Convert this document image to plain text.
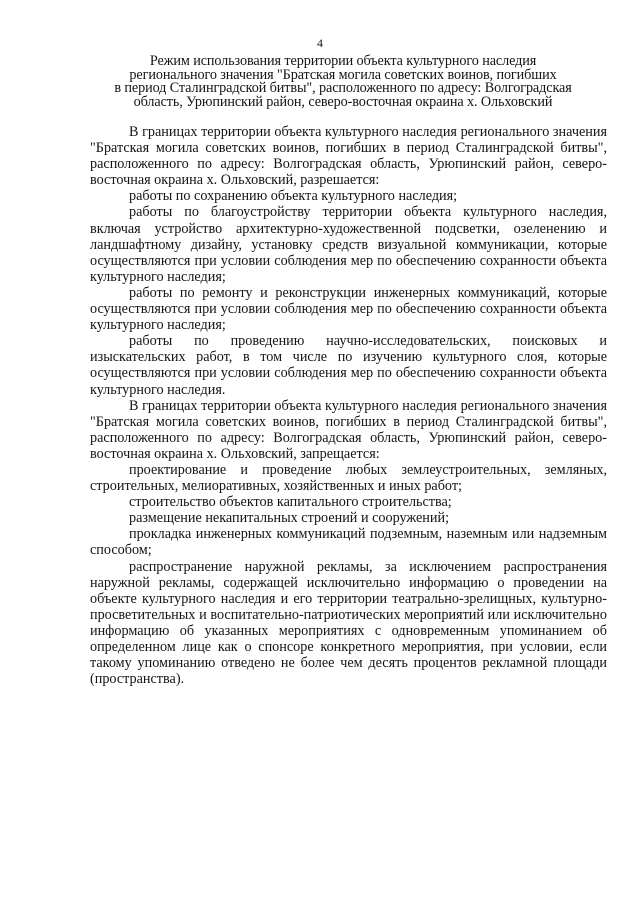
4
Режим использования территории объекта культурного наследия
регионального значения "Братская могила советских воинов, погибших
в период Сталинградской битвы", расположенного по адресу: Волгоградская
область, Урюпинский район, северо-восточная окраина х. Ольховский

В границах территории объекта культурного наследия регионального значения "Братская могила советских воинов, погибших в период Сталинградской битвы", расположенного по адресу: Волгоградская область, Урюпинский район, северо-восточная окраина х. Ольховский, разрешается:

работы по сохранению объекта культурного наследия;

работы по благоустройству территории объекта культурного наследия, включая устройство архитектурно-художественной подсветки, озеленению и ландшафтному дизайну, установку средств визуальной коммуникации, которые осуществляются при условии соблюдения мер по обеспечению сохранности объекта культурного наследия;

работы по ремонту и реконструкции инженерных коммуникаций, которые осуществляются при условии соблюдения мер по обеспечению сохранности объекта культурного наследия;

работы по проведению научно-исследовательских, поисковых и изыскательских работ, в том числе по изучению культурного слоя, которые осуществляются при условии соблюдения мер по обеспечению сохранности объекта культурного наследия.

В границах территории объекта культурного наследия регионального значения "Братская могила советских воинов, погибших в период Сталинградской битвы", расположенного по адресу: Волгоградская область, Урюпинский район, северо-восточная окраина х. Ольховский, запрещается:

проектирование и проведение любых землеустроительных, земляных, строительных, мелиоративных, хозяйственных и иных работ;

строительство объектов капитального строительства;

размещение некапитальных строений и сооружений;

прокладка инженерных коммуникаций подземным, наземным или надземным способом;

распространение наружной рекламы, за исключением распространения наружной рекламы, содержащей исключительно информацию о проведении на объекте культурного наследия и его территории театрально-зрелищных, культурно-просветительных и воспитательно-патриотических мероприятий или исключительно информацию об указанных мероприятиях с одновременным упоминанием об определенном лице как о спонсоре конкретного мероприятия, при условии, если такому упоминанию отведено не более чем десять процентов рекламной площади (пространства).
